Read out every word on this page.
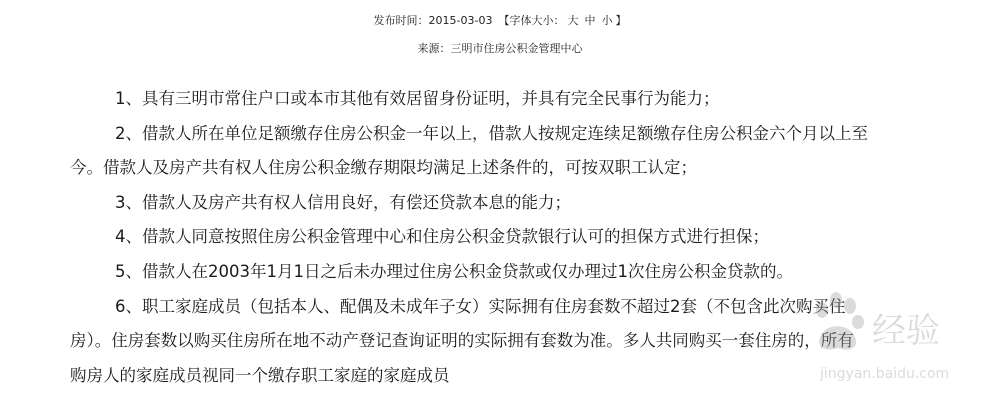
发布时间：2015-03-03 【字体大小： 大 中 小 】
来源：三明市住房公积金管理中心
1、具有三明市常住户口或本市其他有效居留身份证明，并具有完全民事行为能力；
2、借款人所在单位足额缴存住房公积金一年以上，借款人按规定连续足额缴存住房公积金六个月以上至
今。借款人及房产共有权人住房公积金缴存期限均满足上述条件的，可按双职工认定；
3、借款人及房产共有权人信用良好，有偿还贷款本息的能力；
4、借款人同意按照住房公积金管理中心和住房公积金贷款银行认可的担保方式进行担保；
5、借款人在2003年1月1日之后未办理过住房公积金贷款或仅办理过1次住房公积金贷款的。
6、职工家庭成员（包括本人、配偶及未成年子女）实际拥有住房套数不超过2套（不包含此次购买住
房）。住房套数以购买住房所在地不动产登记查询证明的实际拥有套数为准。多人共同购买一套住房的，所有
购房人的家庭成员视同一个缴存职工家庭的家庭成员
经验
jingyan.baidu.com
